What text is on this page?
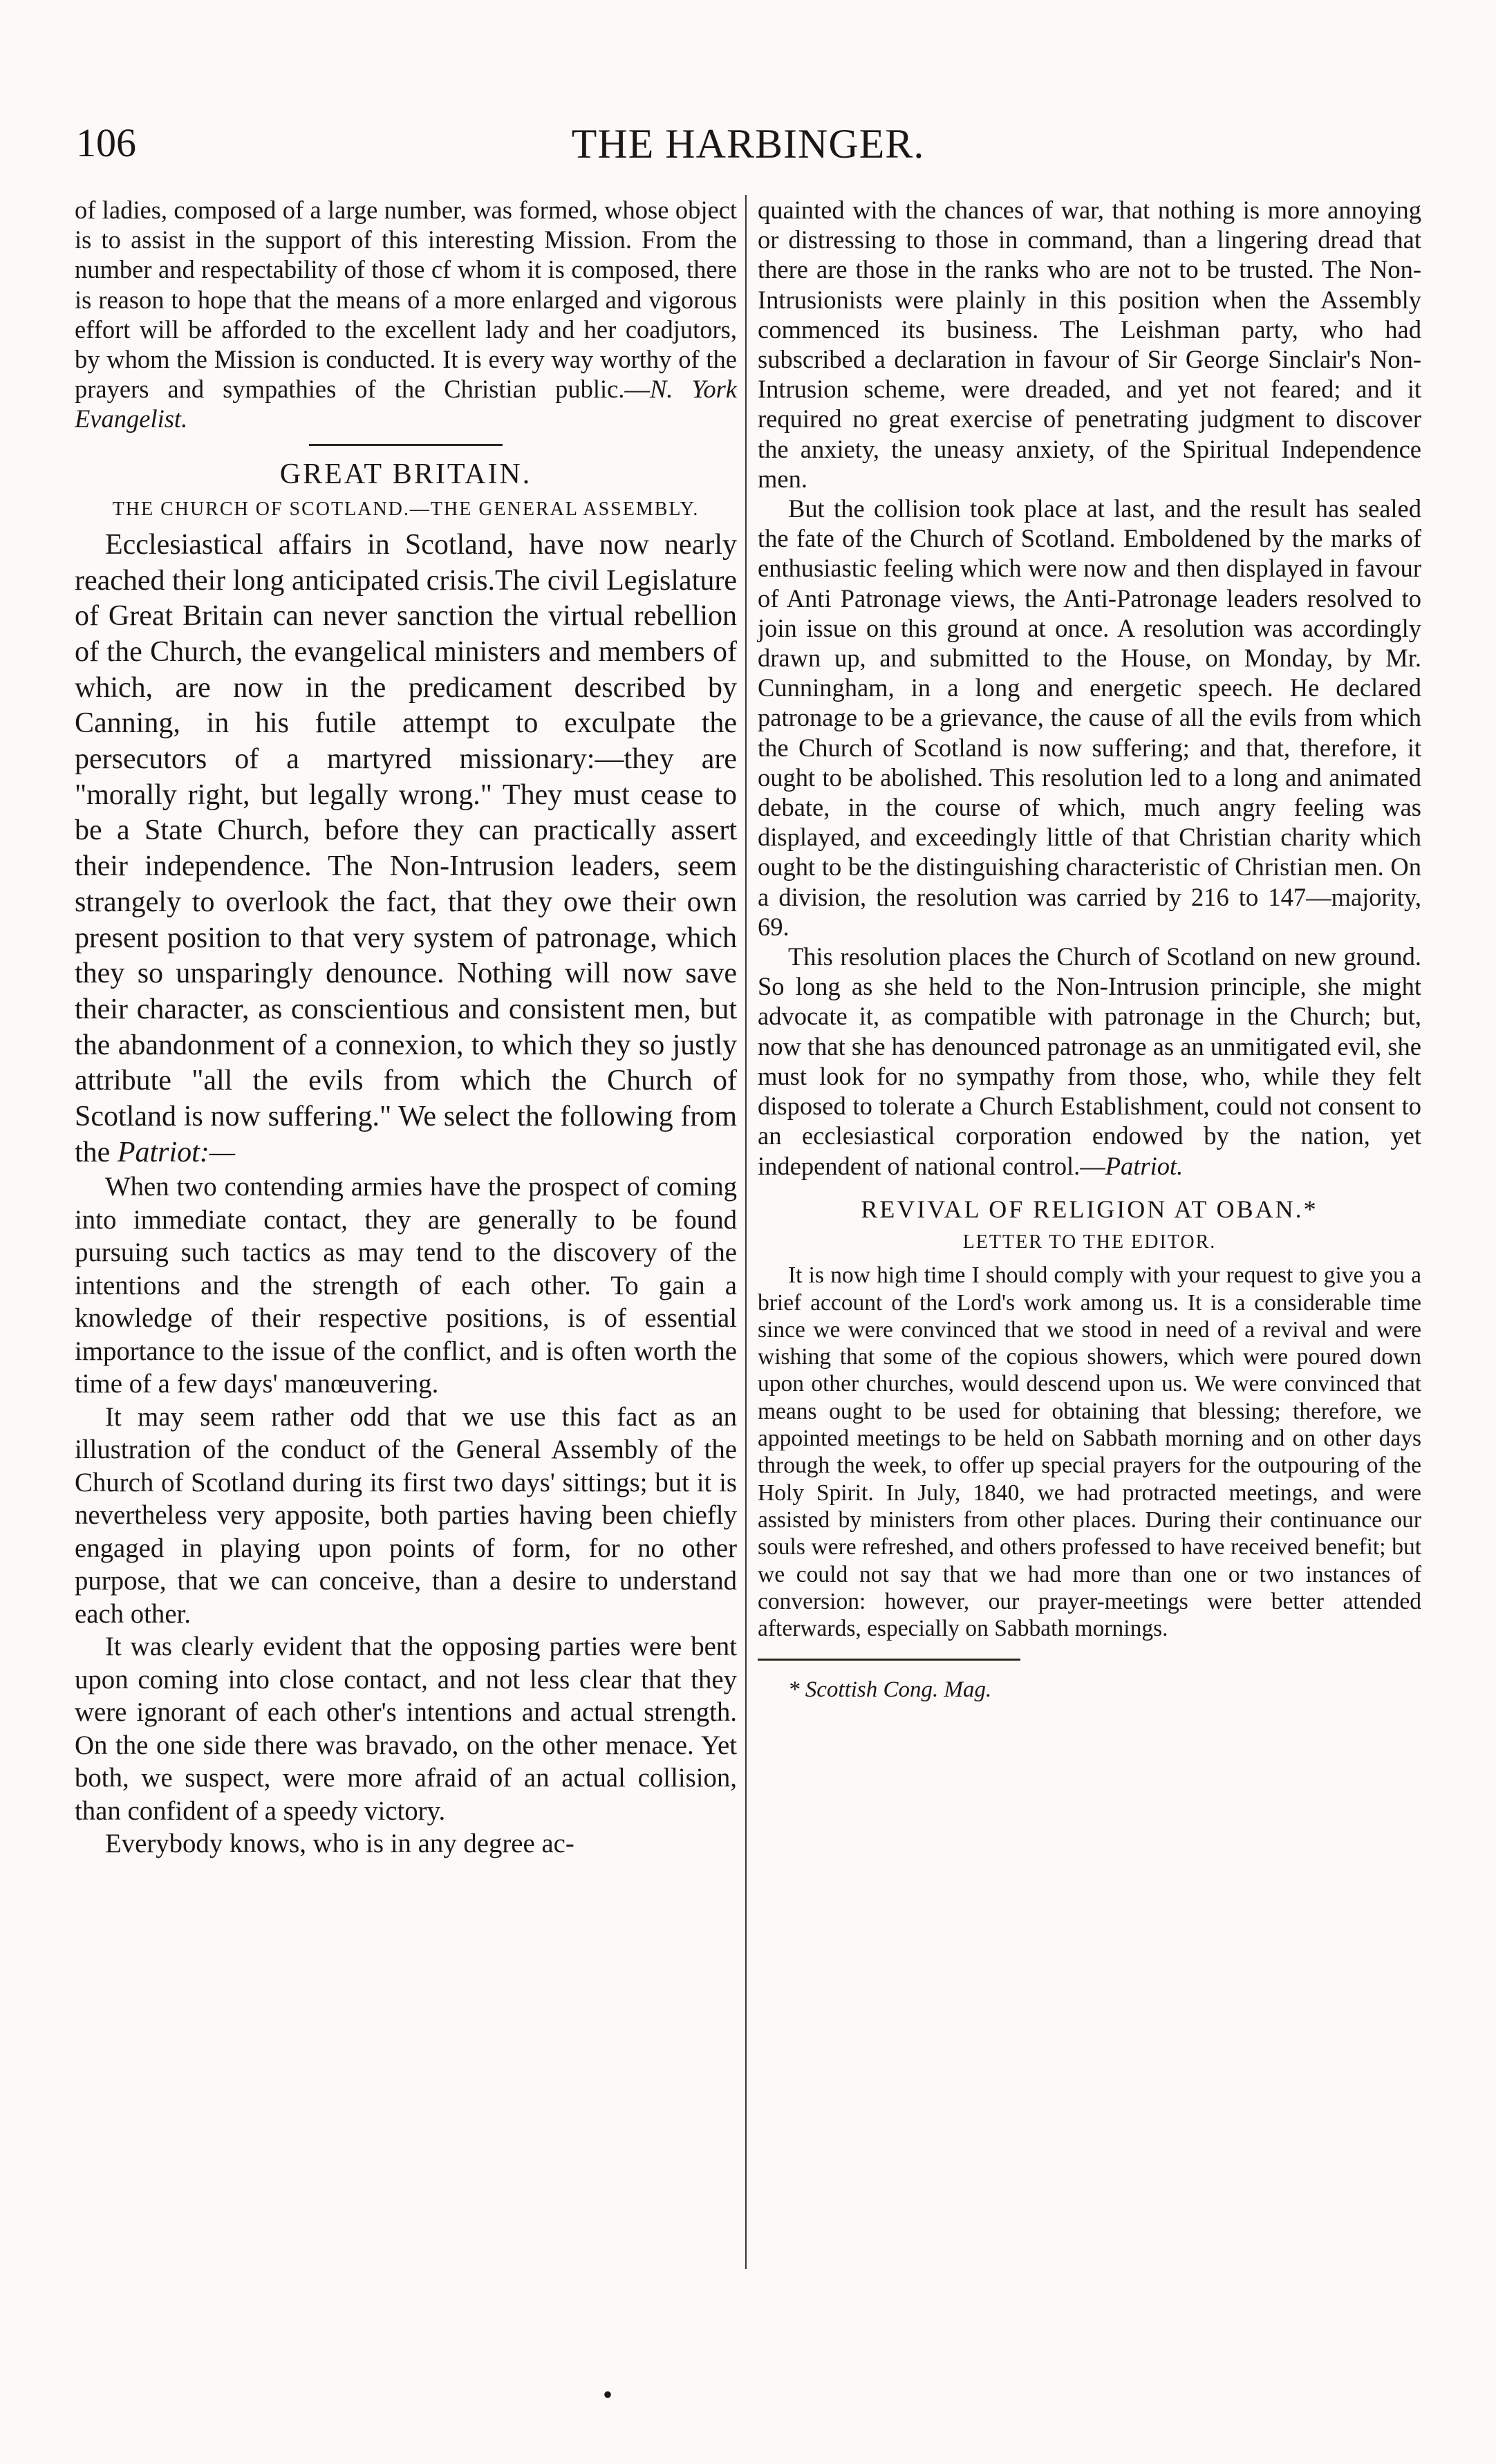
106	THE HARBINGER.

of ladies, composed of a large number, was formed, whose object is to assist in the support of this interesting Mission. From the number and respectability of those cf whom it is composed, there is reason to hope that the means of a more enlarged and vigorous effort will be afforded to the excellent lady and her coadjutors, by whom the Mission is conducted. It is every way worthy of the prayers and sympathies of the Christian public.—N. York Evangelist.

GREAT BRITAIN.
THE CHURCH OF SCOTLAND.—THE GENERAL ASSEMBLY.

Ecclesiastical affairs in Scotland, have now nearly reached their long anticipated crisis.The civil Legislature of Great Britain can never sanction the virtual rebellion of the Church, the evangelical ministers and members of which, are now in the predicament described by Canning, in his futile attempt to exculpate the persecutors of a martyred missionary:—they are "morally right, but legally wrong." They must cease to be a State Church, before they can practically assert their independence. The Non-Intrusion leaders, seem strangely to overlook the fact, that they owe their own present position to that very system of patronage, which they so unsparingly denounce. Nothing will now save their character, as conscientious and consistent men, but the abandonment of a connexion, to which they so justly attribute "all the evils from which the Church of Scotland is now suffering." We select the following from the Patriot:—

When two contending armies have the prospect of coming into immediate contact, they are generally to be found pursuing such tactics as may tend to the discovery of the intentions and the strength of each other. To gain a knowledge of their respective positions, is of essential importance to the issue of the conflict, and is often worth the time of a few days' manœuvering.

It may seem rather odd that we use this fact as an illustration of the conduct of the General Assembly of the Church of Scotland during its first two days' sittings; but it is nevertheless very apposite, both parties having been chiefly engaged in playing upon points of form, for no other purpose, that we can conceive, than a desire to understand each other.

It was clearly evident that the opposing parties were bent upon coming into close contact, and not less clear that they were ignorant of each other's intentions and actual strength. On the one side there was bravado, on the other menace. Yet both, we suspect, were more afraid of an actual collision, than confident of a speedy victory.

Everybody knows, who is in any degree ac-

quainted with the chances of war, that nothing is more annoying or distressing to those in command, than a lingering dread that there are those in the ranks who are not to be trusted. The Non-Intrusionists were plainly in this position when the Assembly commenced its business. The Leishman party, who had subscribed a declaration in favour of Sir George Sinclair's Non-Intrusion scheme, were dreaded, and yet not feared; and it required no great exercise of penetrating judgment to discover the anxiety, the uneasy anxiety, of the Spiritual Independence men.

But the collision took place at last, and the result has sealed the fate of the Church of Scotland. Emboldened by the marks of enthusiastic feeling which were now and then displayed in favour of Anti Patronage views, the Anti-Patronage leaders resolved to join issue on this ground at once. A resolution was accordingly drawn up, and submitted to the House, on Monday, by Mr. Cunningham, in a long and energetic speech. He declared patronage to be a grievance, the cause of all the evils from which the Church of Scotland is now suffering; and that, therefore, it ought to be abolished. This resolution led to a long and animated debate, in the course of which, much angry feeling was displayed, and exceedingly little of that Christian charity which ought to be the distinguishing characteristic of Christian men. On a division, the resolution was carried by 216 to 147—majority, 69.

This resolution places the Church of Scotland on new ground. So long as she held to the Non-Intrusion principle, she might advocate it, as compatible with patronage in the Church; but, now that she has denounced patronage as an unmitigated evil, she must look for no sympathy from those, who, while they felt disposed to tolerate a Church Establishment, could not consent to an ecclesiastical corporation endowed by the nation, yet independent of national control.—Patriot.

REVIVAL OF RELIGION AT OBAN.*
LETTER TO THE EDITOR.

It is now high time I should comply with your request to give you a brief account of the Lord's work among us. It is a considerable time since we were convinced that we stood in need of a revival and were wishing that some of the copious showers, which were poured down upon other churches, would descend upon us. We were convinced that means ought to be used for obtaining that blessing; therefore, we appointed meetings to be held on Sabbath morning and on other days through the week, to offer up special prayers for the outpouring of the Holy Spirit. In July, 1840, we had protracted meetings, and were assisted by ministers from other places. During their continuance our souls were refreshed, and others professed to have received benefit; but we could not say that we had more than one or two instances of conversion: however, our prayer-meetings were better attended afterwards, especially on Sabbath mornings.

* Scottish Cong. Mag.

•
